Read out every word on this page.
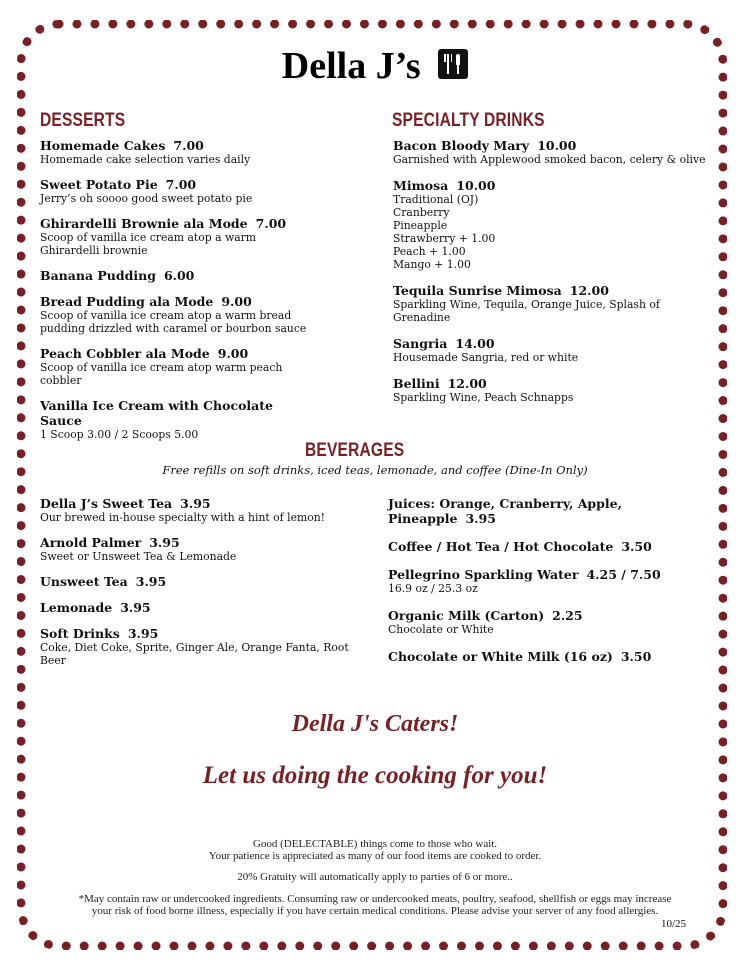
Della J’s
DESSERTS
Homemade Cakes 7.00
Homemade cake selection varies daily
Sweet Potato Pie 7.00
Jerry’s oh soooo good sweet potato pie
Ghirardelli Brownie ala Mode 7.00
Scoop of vanilla ice cream atop a warm Ghirardelli brownie
Banana Pudding 6.00
Bread Pudding ala Mode 9.00
Scoop of vanilla ice cream atop a warm bread pudding drizzled with caramel or bourbon sauce
Peach Cobbler ala Mode 9.00
Scoop of vanilla ice cream atop warm peach cobbler
Vanilla Ice Cream with Chocolate Sauce
1 Scoop 3.00 / 2 Scoops 5.00
SPECIALTY DRINKS
Bacon Bloody Mary 10.00
Garnished with Applewood smoked bacon, celery & olive
Mimosa 10.00
Traditional (OJ)
Cranberry
Pineapple
Strawberry + 1.00
Peach + 1.00
Mango + 1.00
Tequila Sunrise Mimosa 12.00
Sparkling Wine, Tequila, Orange Juice, Splash of Grenadine
Sangria 14.00
Housemade Sangria, red or white
Bellini 12.00
Sparkling Wine, Peach Schnapps
BEVERAGES
Free refills on soft drinks, iced teas, lemonade, and coffee (Dine-In Only)
Della J’s Sweet Tea 3.95
Our brewed in-house specialty with a hint of lemon!
Arnold Palmer 3.95
Sweet or Unsweet Tea & Lemonade
Unsweet Tea 3.95
Lemonade 3.95
Soft Drinks 3.95
Coke, Diet Coke, Sprite, Ginger Ale, Orange Fanta, Root Beer
Juices: Orange, Cranberry, Apple, Pineapple 3.95
Coffee / Hot Tea / Hot Chocolate 3.50
Pellegrino Sparkling Water 4.25 / 7.50
16.9 oz / 25.3 oz
Organic Milk (Carton) 2.25
Chocolate or White
Chocolate or White Milk (16 oz) 3.50
Della J's Caters!
Let us doing the cooking for you!
Good (DELECTABLE) things come to those who wait.
Your patience is appreciated as many of our food items are cooked to order.
20% Gratuity will automatically apply to parties of 6 or more..
*May contain raw or undercooked ingredients. Consuming raw or undercooked meats, poultry, seafood, shellfish or eggs may increase
your risk of food borne illness, especially if you have certain medical conditions. Please advise your server of any food allergies.
10/25
